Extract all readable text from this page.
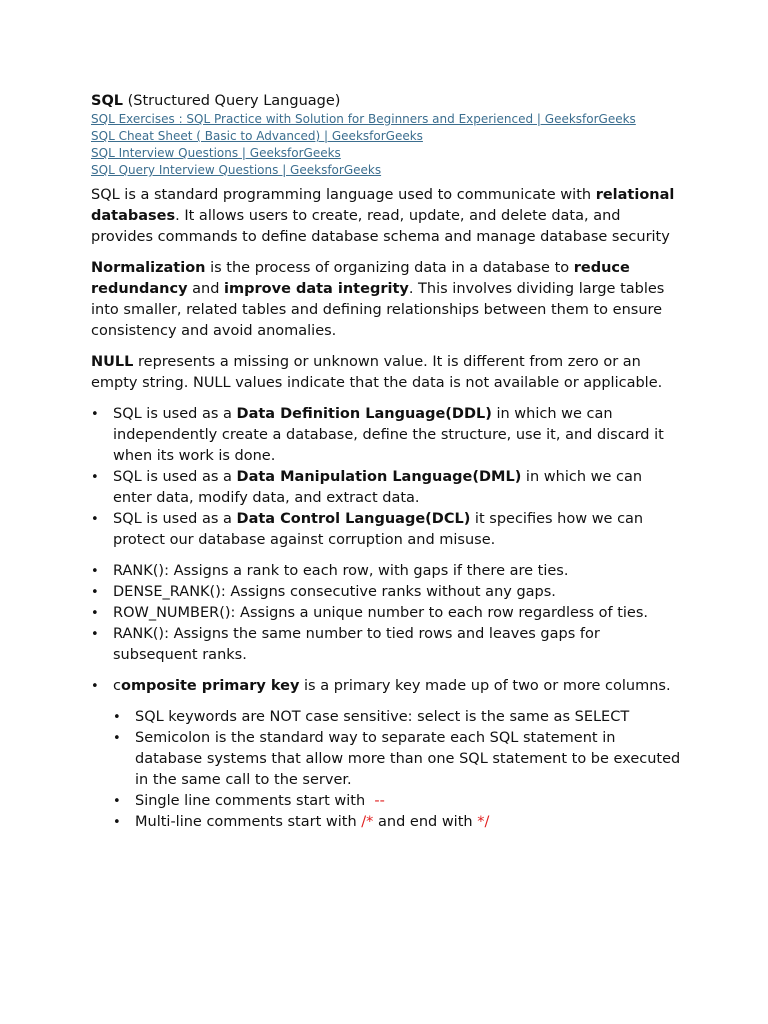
SQL (Structured Query Language)

SQL Exercises : SQL Practice with Solution for Beginners and Experienced | GeeksforGeeks
SQL Cheat Sheet ( Basic to Advanced) | GeeksforGeeks
SQL Interview Questions | GeeksforGeeks
SQL Query Interview Questions | GeeksforGeeks

SQL is a standard programming language used to communicate with relational databases. It allows users to create, read, update, and delete data, and provides commands to define database schema and manage database security

Normalization is the process of organizing data in a database to reduce redundancy and improve data integrity. This involves dividing large tables into smaller, related tables and defining relationships between them to ensure consistency and avoid anomalies.

NULL represents a missing or unknown value. It is different from zero or an empty string. NULL values indicate that the data is not available or applicable.

• SQL is used as a Data Definition Language(DDL) in which we can independently create a database, define the structure, use it, and discard it when its work is done.
• SQL is used as a Data Manipulation Language(DML) in which we can enter data, modify data, and extract data.
• SQL is used as a Data Control Language(DCL) it specifies how we can protect our database against corruption and misuse.
• RANK(): Assigns a rank to each row, with gaps if there are ties.
• DENSE_RANK(): Assigns consecutive ranks without any gaps.
• ROW_NUMBER(): Assigns a unique number to each row regardless of ties.
• RANK(): Assigns the same number to tied rows and leaves gaps for subsequent ranks.
• composite primary key is a primary key made up of two or more columns.
• SQL keywords are NOT case sensitive: select is the same as SELECT
• Semicolon is the standard way to separate each SQL statement in database systems that allow more than one SQL statement to be executed in the same call to the server.
• Single line comments start with  --
• Multi-line comments start with /* and end with */
